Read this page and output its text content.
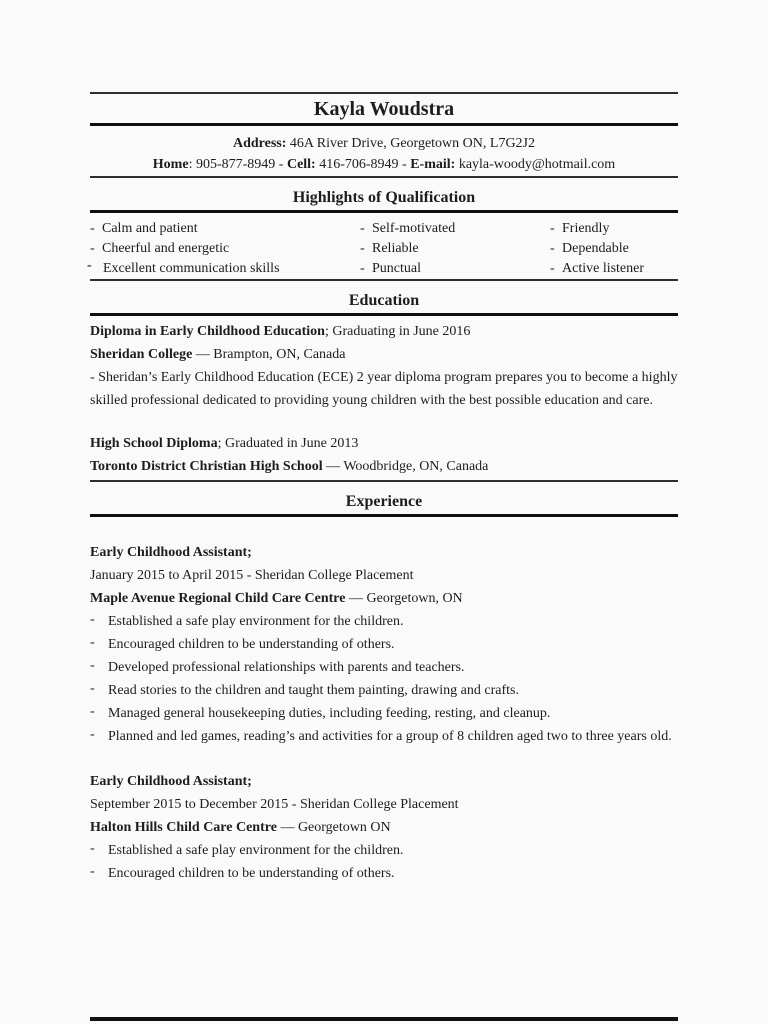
Kayla Woudstra

Address: 46A River Drive, Georgetown ON, L7G2J2

Home: 905-877-8949 - Cell: 416-706-8949 - E-mail: kayla-woody@hotmail.com

Highlights of Qualification
- Calm and patient
- Cheerful and energetic
- Excellent communication skills
- Self-motivated
- Reliable
- Punctual
- Friendly
- Dependable
- Active listener
Education

Diploma in Early Childhood Education; Graduating in June 2016

Sheridan College — Brampton, ON, Canada

- Sheridan’s Early Childhood Education (ECE) 2 year diploma program prepares you to become a highly skilled professional dedicated to providing young children with the best possible education and care.

High School Diploma; Graduated in June 2013

Toronto District Christian High School — Woodbridge, ON, Canada

Experience

Early Childhood Assistant;

January 2015 to April 2015 - Sheridan College Placement

Maple Avenue Regional Child Care Centre — Georgetown, ON

- Established a safe play environment for the children.
- Encouraged children to be understanding of others.
- Developed professional relationships with parents and teachers.
- Read stories to the children and taught them painting, drawing and crafts.
- Managed general housekeeping duties, including feeding, resting, and cleanup.
- Planned and led games, reading’s and activities for a group of 8 children aged two to three years old.

Early Childhood Assistant;

September 2015 to December 2015 - Sheridan College Placement

Halton Hills Child Care Centre — Georgetown ON

- Established a safe play environment for the children.
- Encouraged children to be understanding of others.
